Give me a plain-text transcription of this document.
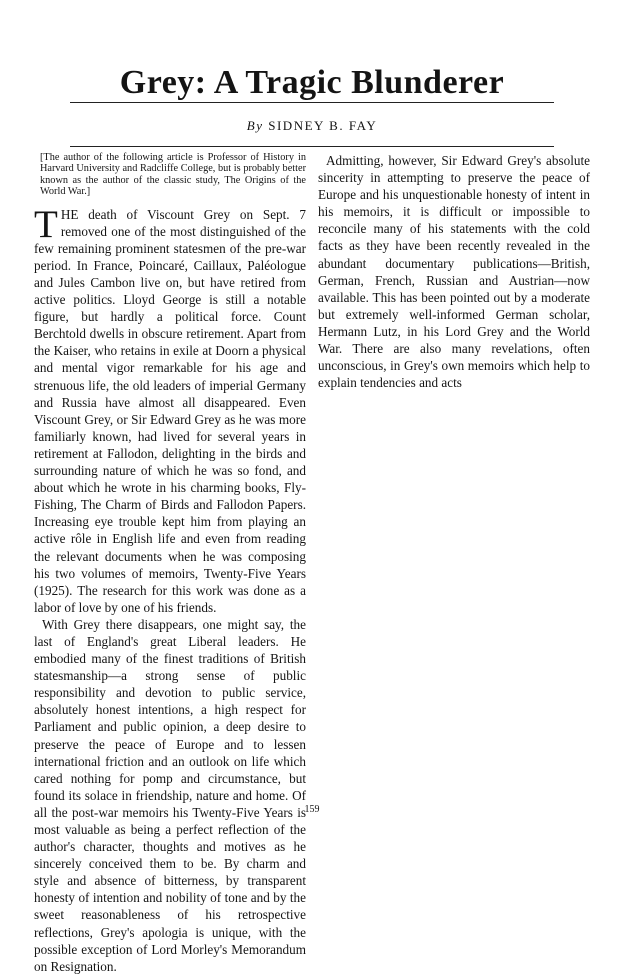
Grey: A Tragic Blunderer

By SIDNEY B. FAY

[The author of the following article is Professor of History in Harvard University and Radcliffe College, but is probably better known as the author of the classic study, The Origins of the World War.]

THE death of Viscount Grey on Sept. 7 removed one of the most distinguished of the few remaining prominent statesmen of the pre-war period. In France, Poincaré, Caillaux, Paléologue and Jules Cambon live on, but have retired from active politics. Lloyd George is still a notable figure, but hardly a political force. Count Berchtold dwells in obscure retirement. Apart from the Kaiser, who retains in exile at Doorn a physical and mental vigor remarkable for his age and strenuous life, the old leaders of imperial Germany and Russia have almost all disappeared. Even Viscount Grey, or Sir Edward Grey as he was more familiarly known, had lived for several years in retirement at Fallodon, delighting in the birds and surrounding nature of which he was so fond, and about which he wrote in his charming books, Fly-Fishing, The Charm of Birds and Fallodon Papers. Increasing eye trouble kept him from playing an active rôle in English life and even from reading the relevant documents when he was composing his two volumes of memoirs, Twenty-Five Years (1925). The research for this work was done as a labor of love by one of his friends.

With Grey there disappears, one might say, the last of England's great Liberal leaders. He embodied many of the finest traditions of British statesmanship—a strong sense of public responsibility and devotion to public service, absolutely honest intentions, a high respect for Parliament and public opinion, a deep desire to preserve the peace of Europe and to lessen international friction and an outlook on life which cared nothing for pomp and circumstance, but found its solace in friendship, nature and home. Of all the post-war memoirs his Twenty-Five Years is most valuable as being a perfect reflection of the author's character, thoughts and motives as he sincerely conceived them to be. By charm and style and absence of bitterness, by transparent honesty of intention and nobility of tone and by the sweet reasonableness of his retrospective reflections, Grey's apologia is unique, with the possible exception of Lord Morley's Memorandum on Resignation.

Admitting, however, Sir Edward Grey's absolute sincerity in attempting to preserve the peace of Europe and his unquestionable honesty of intent in his memoirs, it is difficult or impossible to reconcile many of his statements with the cold facts as they have been recently revealed in the abundant documentary publications—British, German, French, Russian and Austrian—now available. This has been pointed out by a moderate but extremely well-informed German scholar, Hermann Lutz, in his Lord Grey and the World War. There are also many revelations, often unconscious, in Grey's own memoirs which help to explain tendencies and acts

159
